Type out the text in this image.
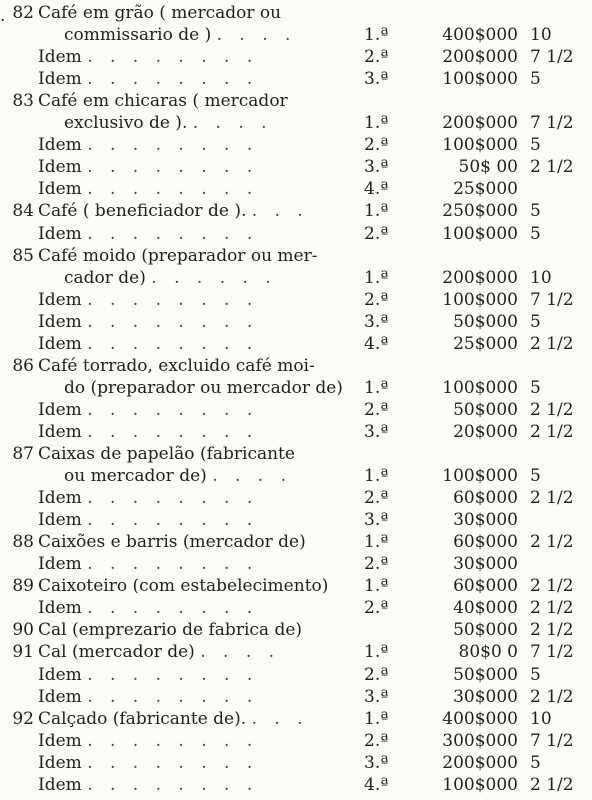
. 82 Café em grão ( mercador ou
commissario de ) . . . .	1.ª	400$000 10
Idem . . . . . . . .	2.ª	200$000 7 1/2
Idem . . . . . . . .	3.ª	100$000 5
83 Café em chicaras ( mercador
exclusivo de ). . . . .	1.ª	200$000 7 1/2
Idem . . . . . . . .	2.ª	100$000 5
Idem . . . . . . . .	3.ª	50$ 00 2 1/2
Idem . . . . . . . .	4.ª	25$000
84 Café ( beneficiador de ). . . .	1.ª	250$000 5
Idem . . . . . . . .	2.ª	100$000 5
85 Café moido (preparador ou mer-
cador de) . . . . . .	1.ª	200$000 10
Idem . . . . . . . .	2.ª	100$000 7 1/2
Idem . . . . . . . .	3.ª	50$000 5
Idem . . . . . . . .	4.ª	25$000 2 1/2
86 Café torrado, excluido café moi-
do (preparador ou mercador de) 1.ª	100$000 5
Idem . . . . . . . .	2.ª	50$000 2 1/2
Idem . . . . . . . .	3.ª	20$000 2 1/2
87 Caixas de papelão (fabricante
ou mercador de) . . . .	1.ª	100$000 5
Idem . . . . . . . .	2.ª	60$000 2 1/2
Idem . . . . . . . .	3.ª	30$000
88 Caixões e barris (mercador de)	1.ª	60$000 2 1/2
Idem . . . . . . . .	2.ª	30$000
89 Caixoteiro (com estabelecimento) 1.ª	60$000 2 1/2
Idem . . . . . . . .	2.ª	40$000 2 1/2
90 Cal (emprezario de fabrica de)	50$000 2 1/2
91 Cal (mercador de) . . . .	1.ª	80$0 0 7 1/2
Idem . . . . . . . .	2.ª	50$000 5
Idem . . . . . . . .	3.ª	30$000 2 1/2
92 Calçado (fabricante de). . . .	1.ª	400$000 10
Idem . . . . . . . .	2.ª	300$000 7 1/2
Idem . . . . . . . .	3.ª	200$000 5
Idem . . . . . . . .	4.ª	100$000 2 1/2
